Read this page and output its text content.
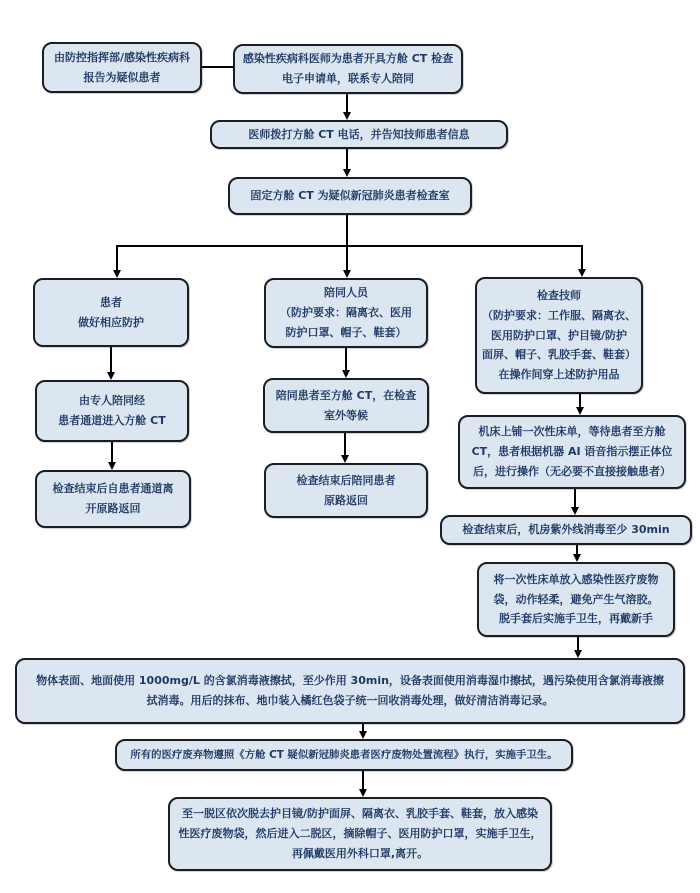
由防控指挥部/感染性疾病科
报告为疑似患者
感染性疾病科医师为患者开具方舱 CT 检查
电子申请单，联系专人陪同
医师拨打方舱 CT 电话，并告知技师患者信息
固定方舱 CT 为疑似新冠肺炎患者检查室
患者
做好相应防护
由专人陪同经
患者通道进入方舱 CT
检查结束后自患者通道离
开原路返回
陪同人员
（防护要求：隔离衣、医用
防护口罩、帽子、鞋套）
陪同患者至方舱 CT，在检查
室外等候
检查结束后陪同患者
原路返回
检查技师
（防护要求：工作服、隔离衣、
医用防护口罩、护目镜/防护
面屏、帽子、乳胶手套、鞋套）
在操作间穿上述防护用品
机床上铺一次性床单，等待患者至方舱
CT，患者根据机器 AI 语音指示摆正体位
后，进行操作（无必要不直接接触患者）
检查结束后，机房紫外线消毒至少 30min
将一次性床单放入感染性医疗废物
袋，动作轻柔，避免产生气溶胶。
脱手套后实施手卫生，再戴新手
物体表面、地面使用 1000mg/L 的含氯消毒液擦拭，至少作用 30min，设备表面使用消毒湿巾擦拭，遇污染使用含氯消毒液擦
拭消毒。用后的抹布、地巾装入橘红色袋子统一回收消毒处理，做好清洁消毒记录。
所有的医疗废弃物遵照《方舱 CT 疑似新冠肺炎患者医疗废物处置流程》执行，实施手卫生。
至一脱区依次脱去护目镜/防护面屏、隔离衣、乳胶手套、鞋套，放入感染
性医疗废物袋，然后进入二脱区，摘除帽子、医用防护口罩，实施手卫生，
再佩戴医用外科口罩,离开。
